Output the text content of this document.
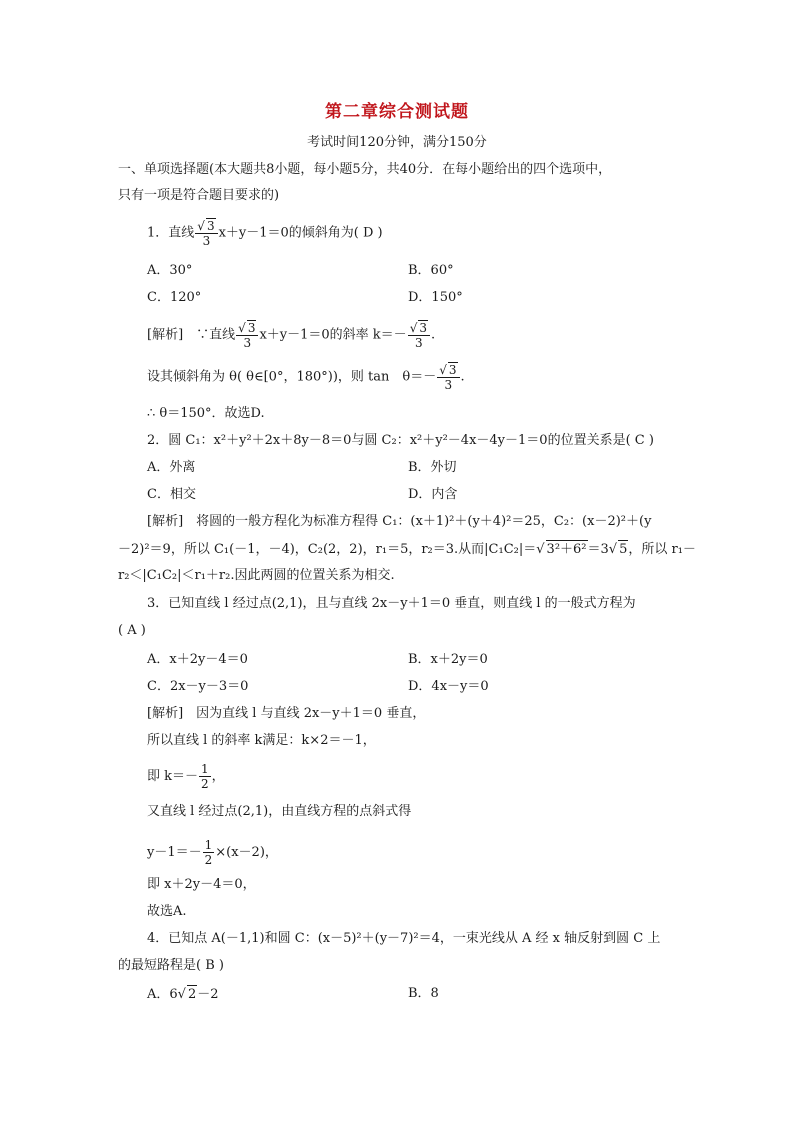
第二章综合测试题
考试时间120分钟，满分150分
一、单项选择题(本大题共8小题，每小题5分，共40分．在每小题给出的四个选项中，
只有一项是符合题目要求的)
1．直线 $\frac{√ 3}{3} x+y-1=0$的倾斜角为( D )
A．30°	B．60°
C．120°	D．150°
[解析]　∵直线 $\frac{√ 3}{3} x+y-1=0$的斜率 $k=- \frac{√ 3}{3}$ .
设其倾斜角为 θ( θ∈[0°，180°))，则 tan　$\theta=- \frac{√ 3}{3}$ .
∴ θ＝150°．故选D.
2．圆 C₁：x²＋y²＋2x＋8y－8＝0与圆 C₂：x²＋y²－4x－4y－1＝0的位置关系是( C )
A．外离	B．外切
C．相交	D．内含
[解析]　将圆的一般方程化为标准方程得 C₁：(x＋1)²＋(y＋4)²＝25，C₂：(x－2)²＋(y
－2)²＝9，所以 C₁(－1，－4)，C₂(2，2)，r₁＝5，r₂＝3.从而|C₁C₂|＝√ 3²＋6²＝3√ 5，所以 r₁－
r₂＜|C₁C₂|＜r₁＋r₂.因此两圆的位置关系为相交.
3．已知直线 l 经过点(2,1)，且与直线 2x－y＋1＝0 垂直，则直线 l 的一般式方程为
( A )
A．x＋2y－4＝0	B．x＋2y＝0
C．2x－y－3＝0	D．4x－y＝0
[解析]　因为直线 l 与直线 2x－y＋1＝0 垂直，
所以直线 l 的斜率 k满足：k×2＝－1，
即 $k=- \frac{1}{2}$ ，
又直线 l 经过点(2,1)，由直线方程的点斜式得
$y-1=- \frac{1}{2} \times(x-2)$，
即 x＋2y－4＝0，
故选A.
4．已知点 A(－1,1)和圆 C：(x－5)²＋(y－7)²＝4，一束光线从 A 经 x 轴反射到圆 C 上
的最短路程是( B )
A．6√ 2－2	B．8
